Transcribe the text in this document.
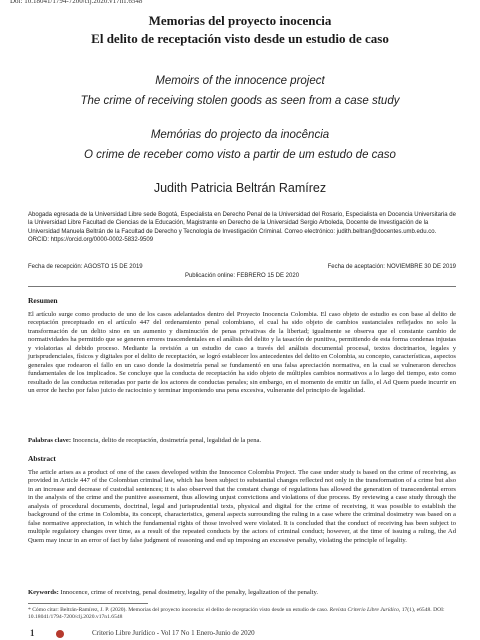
Doi: 10.18041/1794-7200/clj.2020.v17n1.6548
Memorias del proyecto inocencia
El delito de receptación visto desde un estudio de caso
Memoirs of the innocence project
The crime of receiving stolen goods as seen from a case study
Memórias do projecto da inocência
O crime de receber como visto a partir de um estudo de caso
Judith Patricia Beltrán Ramírez
Abogada egresada de la Universidad Libre sede Bogotá, Especialista en Derecho Penal de la Universidad del Rosario, Especialista en Docencia Universitaria de la Universidad Libre Facultad de Ciencias de la Educación, Magistrante en Derecho de la Universidad Sergio Arboleda, Docente de Investigación de la Universidad Manuela Beltrán de la Facultad de Derecho y Tecnología de Investigación Criminal. Correo electrónico: judith.beltran@docentes.umb.edu.co. ORCID: https://orcid.org/0000-0002-5832-9509
Fecha de recepción: AGOSTO 15 DE 2019	Fecha de aceptación: NOVIEMBRE 30 DE 2019
Publicación online: FEBRERO 15 DE 2020
Resumen
El artículo surge como producto de uno de los casos adelantados dentro del Proyecto Inocencia Colombia. El caso objeto de estudio es con base al delito de receptación preceptuado en el artículo 447 del ordenamiento penal colombiano, el cual ha sido objeto de cambios sustanciales reflejados no solo la transformación de un delito sino en un aumento y disminución de penas privativas de la libertad; igualmente se observa que el constante cambio de normatividades ha permitido que se generen errores trascendentales en el análisis del delito y la tasación de punitiva, permitiendo de esta forma condenas injustas y violatorias al debido proceso. Mediante la revisión a un estudio de caso a través del análisis documental procesal, textos doctrinarios, legales y jurisprudenciales, físicos y digitales por el delito de receptación, se logró establecer los antecedentes del delito en Colombia, su concepto, características, aspectos generales que rodearon el fallo en un caso donde la dosimetría penal se fundamentó en una falsa apreciación normativa, en la cual se vulneraron derechos fundamentales de los implicados. Se concluye que la conducta de receptación ha sido objeto de múltiples cambios normativos a lo largo del tiempo, esto como resultado de las conductas reiteradas por parte de los actores de conductas penales; sin embargo, en el momento de emitir un fallo, el Ad Quem puede incurrir en un error de hecho por falso juicio de raciocinio y terminar imponiendo una pena excesiva, vulnerante del principio de legalidad.
Palabras clave: Inocencia, delito de receptación, dosimetría penal, legalidad de la pena.
Abstract
The article arises as a product of one of the cases developed within the Innocence Colombia Project. The case under study is based on the crime of receiving, as provided in Article 447 of the Colombian criminal law, which has been subject to substantial changes reflected not only in the transformation of a crime but also in an increase and decrease of custodial sentences; it is also observed that the constant change of regulations has allowed the generation of transcendental errors in the analysis of the crime and the punitive assessment, thus allowing unjust convictions and violations of due process. By reviewing a case study through the analysis of procedural documents, doctrinal, legal and jurisprudential texts, physical and digital for the crime of receiving, it was possible to establish the background of the crime in Colombia, its concept, characteristics, general aspects surrounding the ruling in a case where the criminal dosimetry was based on a false normative appreciation, in which the fundamental rights of those involved were violated. It is concluded that the conduct of receiving has been subject to multiple regulatory changes over time, as a result of the repeated conducts by the actors of criminal conduct; however, at the time of issuing a ruling, the Ad Quem may incur in an error of fact by false judgment of reasoning and end up imposing an excessive penalty, violating the principle of legality.
Keywords: Innocence, crime of receiving, penal dosimetry, legality of the penalty, legalization of the penalty.
* Cómo citar: Beltrán-Ramírez, J. P. (2020). Memorias del proyecto inocencia: el delito de receptación visto desde un estudio de caso. Revista Criterio Libre Jurídico, 17(1), e6548. DOI: 10.18041/1794-7200/clj.2020.v17n1.6548
1	Criterio Libre Jurídico - Vol 17 No 1 Enero-Junio de 2020
